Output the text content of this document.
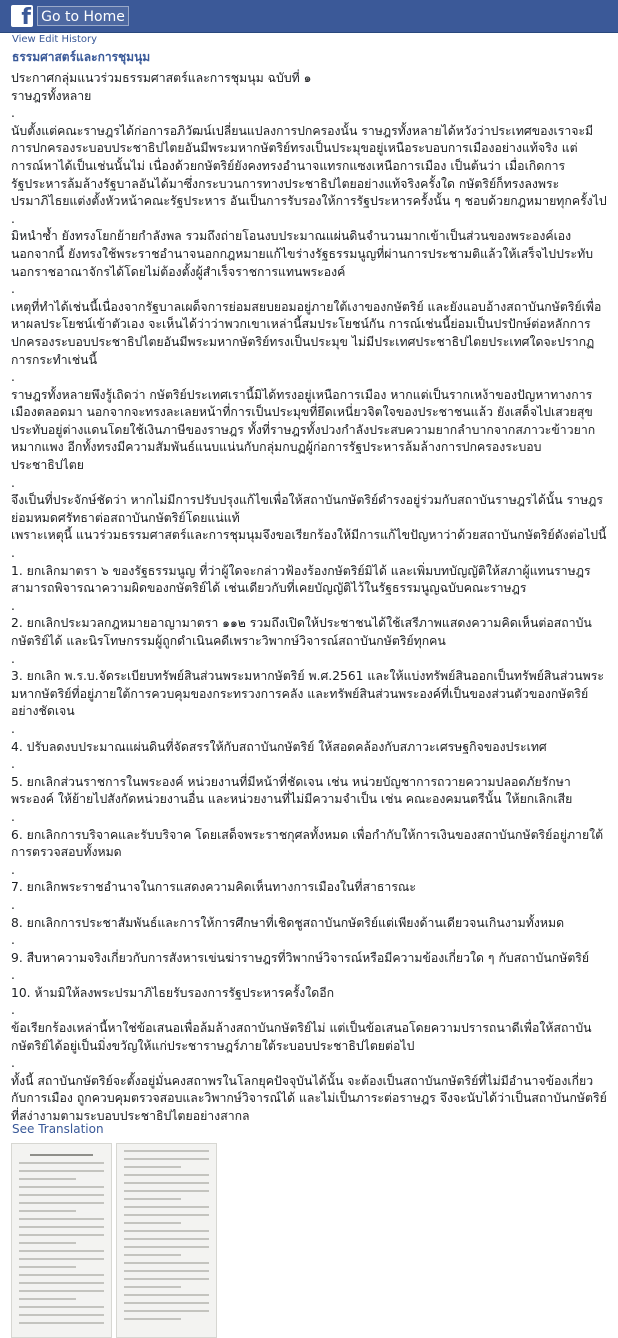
f Go to Home
View Edit History
ธรรมศาสตร์และการชุมนุม

ประกาศกลุ่มแนวร่วมธรรมศาสตร์และการชุมนุม ฉบับที่ ๑
ราษฎรทั้งหลาย
.

นับตั้งแต่คณะราษฎรได้ก่อการอภิวัฒน์เปลี่ยนแปลงการปกครองนั้น ราษฎรทั้งหลายได้หวังว่าประเทศของเราจะมีการปกครองระบอบประชาธิปไตยอันมีพระมหากษัตริย์ทรงเป็นประมุขอยู่เหนือระบอบการเมืองอย่างแท้จริง แต่การณ์หาได้เป็นเช่นนั้นไม่ เนื่องด้วยกษัตริย์ยังคงทรงอำนาจแทรกแซงเหนือการเมือง เป็นต้นว่า เมื่อเกิดการรัฐประหารล้มล้างรัฐบาลอันได้มาซึ่งกระบวนการทางประชาธิปไตยอย่างแท้จริงครั้งใด กษัตริย์ก็ทรงลงพระปรมาภิไธยแต่งตั้งหัวหน้าคณะรัฐประหาร อันเป็นการรับรองให้การรัฐประหารครั้งนั้น ๆ ชอบด้วยกฎหมายทุกครั้งไป
.

มิหนำซ้ำ ยังทรงโยกย้ายกำลังพล รวมถึงถ่ายโอนงบประมาณแผ่นดินจำนวนมากเข้าเป็นส่วนของพระองค์เองนอกจากนี้ ยังทรงใช้พระราชอำนาจนอกกฎหมายแก้ไขร่างรัฐธรรมนูญที่ผ่านการประชามติแล้วให้เสร็จไปประทับนอกราชอาณาจักรได้โดยไม่ต้องตั้งผู้สำเร็จราชการแทนพระองค์
.

เหตุที่ทำได้เช่นนี้เนื่องจากรัฐบาลเผด็จการย่อมสยบยอมอยู่ภายใต้เงาของกษัตริย์ และยังแอบอ้างสถาบันกษัตริย์เพื่อหาผลประโยชน์เข้าตัวเอง จะเห็นได้ว่าว่าพวกเขาเหล่านี้สมประโยชน์กัน การณ์เช่นนี้ย่อมเป็นปรปักษ์ต่อหลักการปกครองระบอบประชาธิปไตยอันมีพระมหากษัตริย์ทรงเป็นประมุข ไม่มีประเทศประชาธิปไตยประเทศใดจะปรากฏการกระทำเช่นนี้
.

ราษฎรทั้งหลายพึงรู้เถิดว่า กษัตริย์ประเทศเรานี้มิได้ทรงอยู่เหนือการเมือง หากแต่เป็นรากเหง้าของปัญหาทางการเมืองตลอดมา นอกจากจะทรงละเลยหน้าที่การเป็นประมุขที่ยึดเหนี่ยวจิตใจของประชาชนแล้ว ยังเสด็จไปเสวยสุขประทับอยู่ต่างแดนโดยใช้เงินภาษีของราษฎร ทั้งที่ราษฎรทั้งปวงกำลังประสบความยากลำบากจากสภาวะข้าวยากหมากแพง อีกทั้งทรงมีความสัมพันธ์แนบแน่นกับกลุ่มกบฏผู้ก่อการรัฐประหารล้มล้างการปกครองระบอบประชาธิปไตย
.

จึงเป็นที่ประจักษ์ชัดว่า หากไม่มีการปรับปรุงแก้ไขเพื่อให้สถาบันกษัตริย์ดำรงอยู่ร่วมกับสถาบันราษฎรได้นั้น ราษฎรย่อมหมดศรัทธาต่อสถาบันกษัตริย์โดยแน่แท้
เพราะเหตุนี้ แนวร่วมธรรมศาสตร์และการชุมนุมจึงขอเรียกร้องให้มีการแก้ไขปัญหาว่าด้วยสถาบันกษัตริย์ดังต่อไปนี้
.

1. ยกเลิกมาตรา ๖ ของรัฐธรรมนูญ ที่ว่าผู้ใดจะกล่าวฟ้องร้องกษัตริย์มิได้ และเพิ่มบทบัญญัติให้สภาผู้แทนราษฎรสามารถพิจารณาความผิดของกษัตริย์ได้ เช่นเดียวกับที่เคยบัญญัติไว้ในรัฐธรรมนูญฉบับคณะราษฎร
.

2. ยกเลิกประมวลกฎหมายอาญามาตรา ๑๑๒ รวมถึงเปิดให้ประชาชนได้ใช้เสรีภาพแสดงความคิดเห็นต่อสถาบันกษัตริย์ได้ และนิรโทษกรรมผู้ถูกดำเนินคดีเพราะวิพากษ์วิจารณ์สถาบันกษัตริย์ทุกคน
.

3. ยกเลิก พ.ร.บ.จัดระเบียบทรัพย์สินส่วนพระมหากษัตริย์ พ.ศ.2561 และให้แบ่งทรัพย์สินออกเป็นทรัพย์สินส่วนพระมหากษัตริย์ที่อยู่ภายใต้การควบคุมของกระทรวงการคลัง และทรัพย์สินส่วนพระองค์ที่เป็นของส่วนตัวของกษัตริย์อย่างชัดเจน
.

4. ปรับลดงบประมาณแผ่นดินที่จัดสรรให้กับสถาบันกษัตริย์ ให้สอดคล้องกับสภาวะเศรษฐกิจของประเทศ
.

5. ยกเลิกส่วนราชการในพระองค์ หน่วยงานที่มีหน้าที่ชัดเจน เช่น หน่วยบัญชาการถวายความปลอดภัยรักษาพระองค์ ให้ย้ายไปสังกัดหน่วยงานอื่น และหน่วยงานที่ไม่มีความจำเป็น เช่น คณะองคมนตรีนั้น ให้ยกเลิกเสีย
.

6. ยกเลิกการบริจาคและรับบริจาค โดยเสด็จพระราชกุศลทั้งหมด เพื่อกำกับให้การเงินของสถาบันกษัตริย์อยู่ภายใต้การตรวจสอบทั้งหมด
.

7. ยกเลิกพระราชอำนาจในการแสดงความคิดเห็นทางการเมืองในที่สาธารณะ
.

8. ยกเลิกการประชาสัมพันธ์และการให้การศึกษาที่เชิดชูสถาบันกษัตริย์แต่เพียงด้านเดียวจนเกินงามทั้งหมด
.

9. สืบหาความจริงเกี่ยวกับการสังหารเข่นฆ่าราษฎรที่วิพากษ์วิจารณ์หรือมีความข้องเกี่ยวใด ๆ กับสถาบันกษัตริย์
.

10. ห้ามมิให้ลงพระปรมาภิไธยรับรองการรัฐประหารครั้งใดอีก
.

ข้อเรียกร้องเหล่านี้หาใช่ข้อเสนอเพื่อล้มล้างสถาบันกษัตริย์ไม่ แต่เป็นข้อเสนอโดยความปรารถนาดีเพื่อให้สถาบันกษัตริย์ได้อยู่เป็นมิ่งขวัญให้แก่ประชาราษฎร์ภายใต้ระบอบประชาธิปไตยต่อไป
.

ทั้งนี้ สถาบันกษัตริย์จะตั้งอยู่มั่นคงสถาพรในโลกยุคปัจจุบันได้นั้น จะต้องเป็นสถาบันกษัตริย์ที่ไม่มีอำนาจข้องเกี่ยวกับการเมือง ถูกควบคุมตรวจสอบและวิพากษ์วิจารณ์ได้ และไม่เป็นภาระต่อราษฎร จึงจะนับได้ว่าเป็นสถาบันกษัตริย์ที่สง่างามตามระบอบประชาธิปไตยอย่างสากล

See Translation
